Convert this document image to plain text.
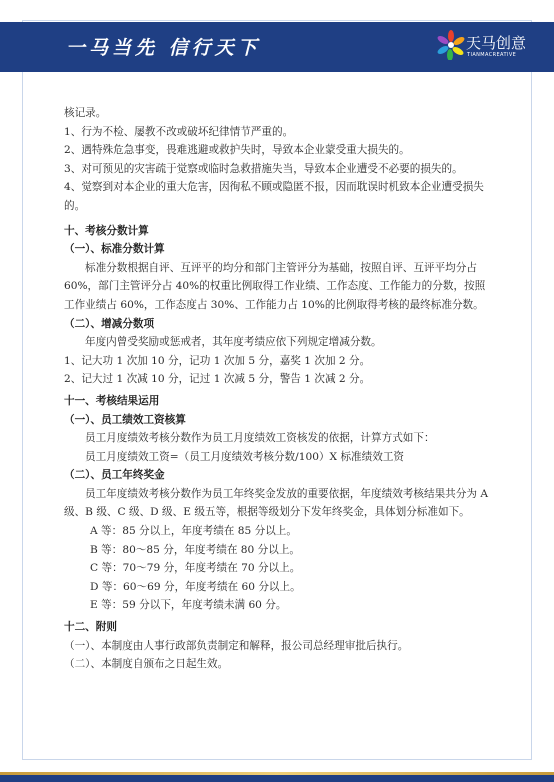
一马当先 信行天下	天马创意
TIANMACREATIVE
核记录。
1、行为不检、屡教不改或破坏纪律情节严重的。
2、遇特殊危急事变，畏难逃避或救护失时，导致本企业蒙受重大损失的。
3、对可预见的灾害疏于觉察或临时急救措施失当，导致本企业遭受不必要的损失的。
4、觉察到对本企业的重大危害，因徇私不顾或隐匿不报，因而耽误时机致本企业遭受损失的。
十、考核分数计算
（一）、标准分数计算
标准分数根据自评、互评平的均分和部门主管评分为基础，按照自评、互评平均分占 60%，部门主管评分占 40%的权重比例取得工作业绩、工作态度、工作能力的分数，按照工作业绩占 60%，工作态度占 30%、工作能力占 10%的比例取得考核的最终标准分数。
（二）、增减分数项
年度内曾受奖励或惩戒者，其年度考绩应依下列规定增减分数。
1、记大功 1 次加 10 分，记功 1 次加 5 分，嘉奖 1 次加 2 分。
2、记大过 1 次减 10 分，记过 1 次减 5 分，警告 1 次减 2 分。
十一、考核结果运用
（一）、员工绩效工资核算
员工月度绩效考核分数作为员工月度绩效工资核发的依据，计算方式如下：
员工月度绩效工资=（员工月度绩效考核分数/100）X 标准绩效工资
（二）、员工年终奖金
员工年度绩效考核分数作为员工年终奖金发放的重要依据，年度绩效考核结果共分为 A 级、B 级、C 级、D 级、E 级五等，根据等级划分下发年终奖金，具体划分标准如下。
A 等：85 分以上，年度考绩在 85 分以上。
B 等：80～85 分，年度考绩在 80 分以上。
C 等：70～79 分，年度考绩在 70 分以上。
D 等：60～69 分，年度考绩在 60 分以上。
E 等：59 分以下，年度考绩未满 60 分。
十二、附则
（一）、本制度由人事行政部负责制定和解释，报公司总经理审批后执行。
（二）、本制度自颁布之日起生效。
